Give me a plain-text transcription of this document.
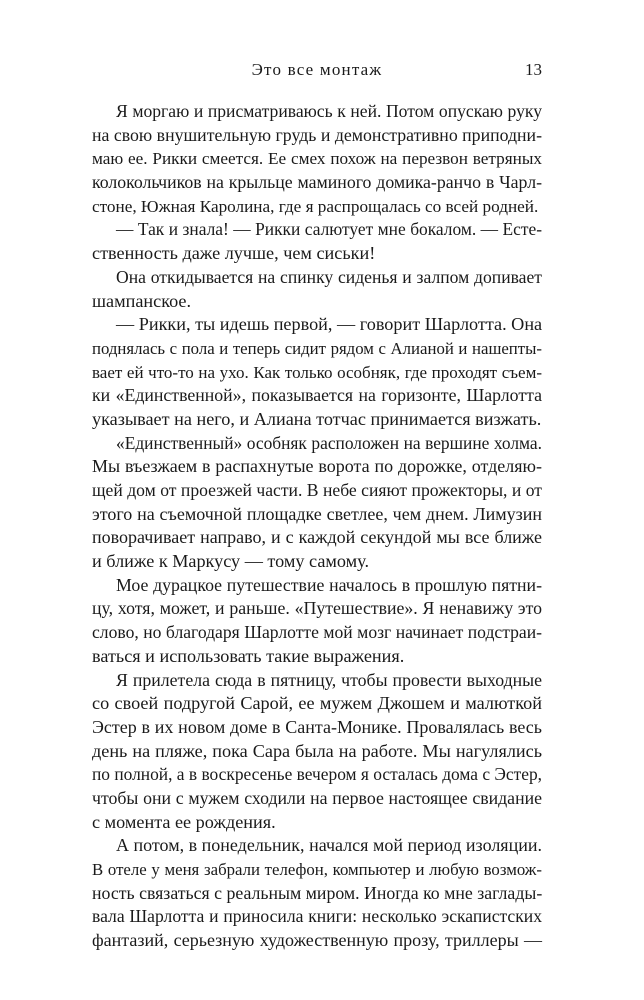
Это все монтаж	13
Я моргаю и присматриваюсь к ней. Потом опускаю руку
на свою внушительную грудь и демонстративно приподни-
маю ее. Рикки смеется. Ее смех похож на перезвон ветряных
колокольчиков на крыльце маминого домика-ранчо в Чарл-
стоне, Южная Каролина, где я распрощалась со всей родней.
— Так и знала! — Рикки салютует мне бокалом. — Есте-
ственность даже лучше, чем сиськи!
Она откидывается на спинку сиденья и залпом допивает
шампанское.
— Рикки, ты идешь первой, — говорит Шарлотта. Она
поднялась с пола и теперь сидит рядом с Алианой и нашепты-
вает ей что-то на ухо. Как только особняк, где проходят съем-
ки «Единственной», показывается на горизонте, Шарлотта
указывает на него, и Алиана тотчас принимается визжать.
«Единственный» особняк расположен на вершине холма.
Мы въезжаем в распахнутые ворота по дорожке, отделяю-
щей дом от проезжей части. В небе сияют прожекторы, и от
этого на съемочной площадке светлее, чем днем. Лимузин
поворачивает направо, и с каждой секундой мы все ближе
и ближе к Маркусу — тому самому.
Мое дурацкое путешествие началось в прошлую пятни-
цу, хотя, может, и раньше. «Путешествие». Я ненавижу это
слово, но благодаря Шарлотте мой мозг начинает подстраи-
ваться и использовать такие выражения.
Я прилетела сюда в пятницу, чтобы провести выходные
со своей подругой Сарой, ее мужем Джошем и малюткой
Эстер в их новом доме в Санта-Монике. Провалялась весь
день на пляже, пока Сара была на работе. Мы нагулялись
по полной, а в воскресенье вечером я осталась дома с Эстер,
чтобы они с мужем сходили на первое настоящее свидание
с момента ее рождения.
А потом, в понедельник, начался мой период изоляции.
В отеле у меня забрали телефон, компьютер и любую возмож-
ность связаться с реальным миром. Иногда ко мне заглады-
вала Шарлотта и приносила книги: несколько эскапистских
фантазий, серьезную художественную прозу, триллеры —
